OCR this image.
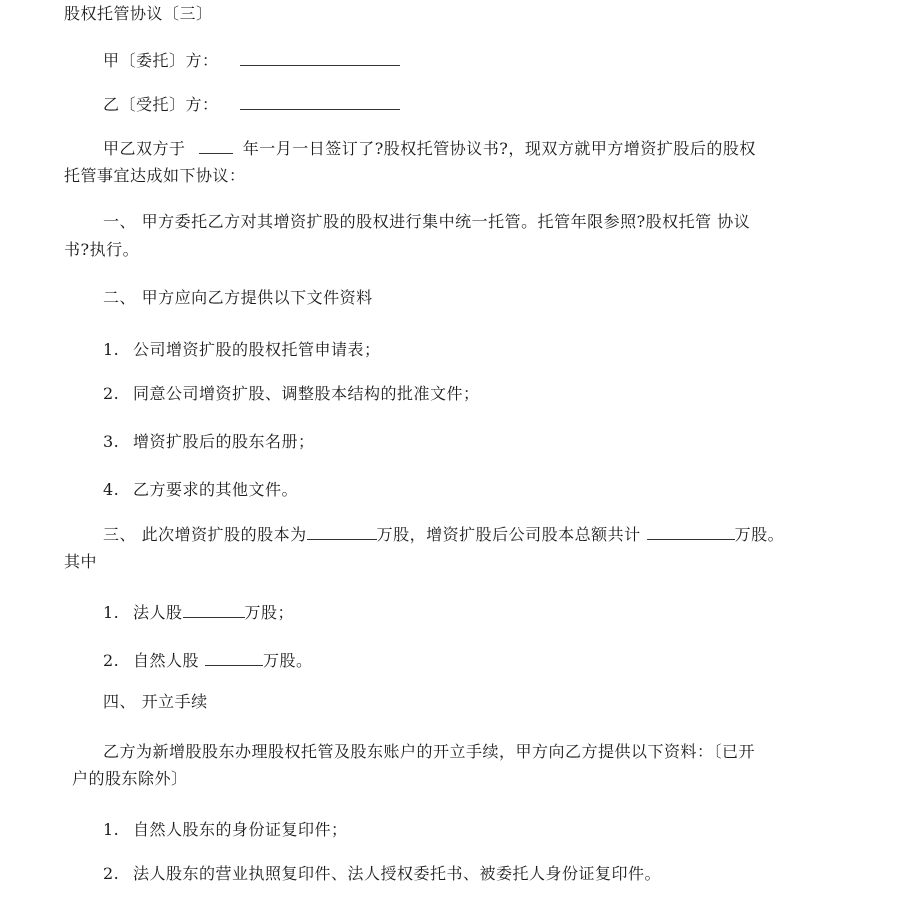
股权托管协议〔三〕
甲〔委托〕方：
乙〔受托〕方：
甲乙双方于	年一月一日签订了?股权托管协议书?，现双方就甲方增资扩股后的股权
托管事宜达成如下协议：
一、 甲方委托乙方对其增资扩股的股权进行集中统一托管。托管年限参照?股权托管 协议
书?执行。
二、 甲方应向乙方提供以下文件资料
1. 公司增资扩股的股权托管申请表；
2. 同意公司增资扩股、调整股本结构的批准文件；
3. 增资扩股后的股东名册；
4. 乙方要求的其他文件。
三、 此次增资扩股的股本为	万股，增资扩股后公司股本总额共计	万股。
其中
1. 法人股	万股；
2. 自然人股	万股。
四、 开立手续
乙方为新增股股东办理股权托管及股东账户的开立手续，甲方向乙方提供以下资料：〔已开
户的股东除外〕
1. 自然人股东的身份证复印件；
2. 法人股东的营业执照复印件、法人授权委托书、被委托人身份证复印件。
